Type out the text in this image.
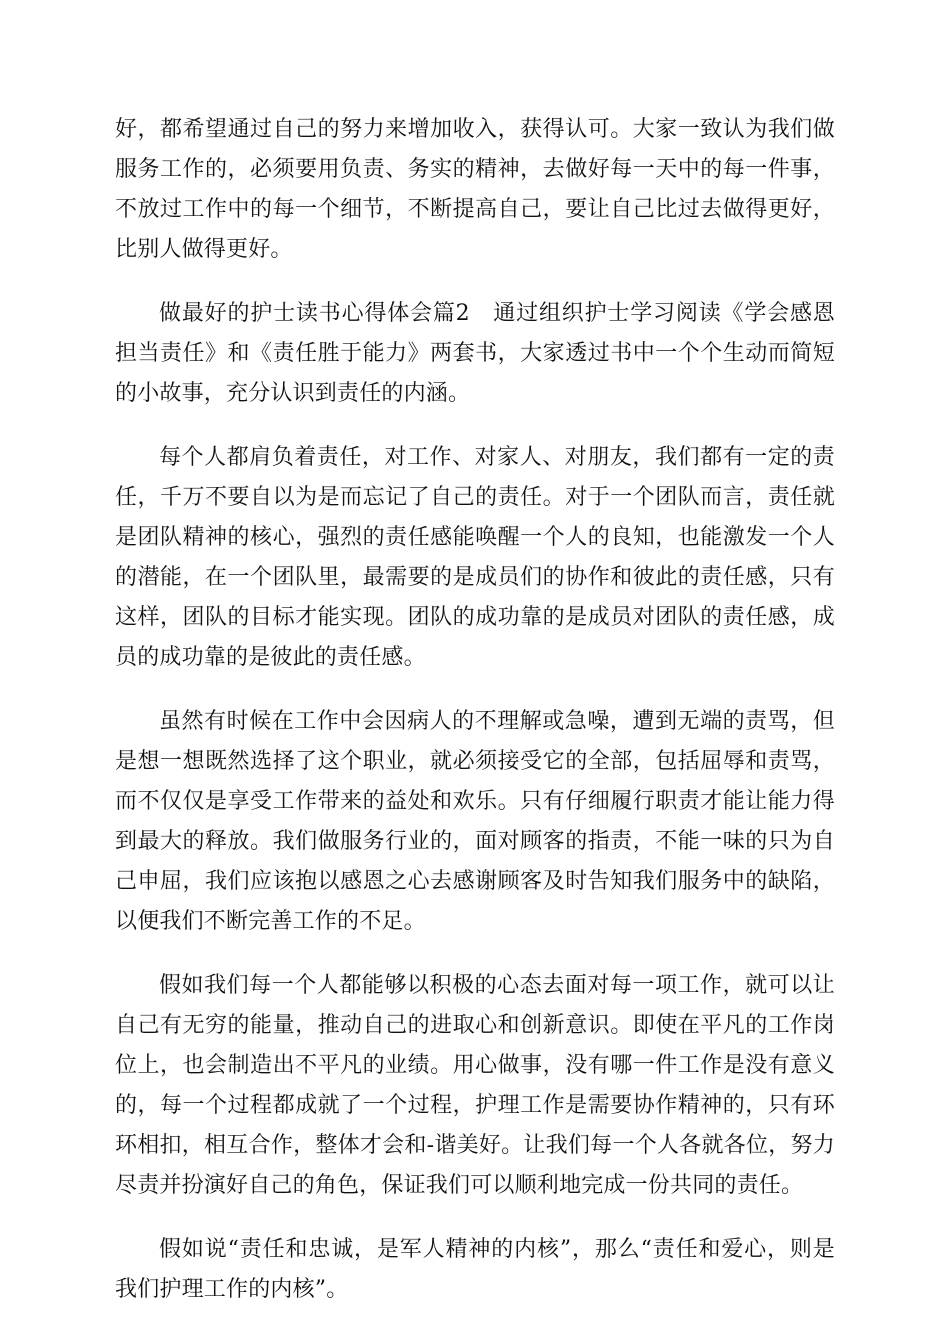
好，都希望通过自己的努力来增加收入，获得认可。大家一致认为我们做服务工作的，必须要用负责、务实的精神，去做好每一天中的每一件事，不放过工作中的每一个细节，不断提高自己，要让自己比过去做得更好，比别人做得更好。

做最好的护士读书心得体会篇2　通过组织护士学习阅读《学会感恩担当责任》和《责任胜于能力》两套书，大家透过书中一个个生动而简短的小故事，充分认识到责任的内涵。

每个人都肩负着责任，对工作、对家人、对朋友，我们都有一定的责任，千万不要自以为是而忘记了自己的责任。对于一个团队而言，责任就是团队精神的核心，强烈的责任感能唤醒一个人的良知，也能激发一个人的潜能，在一个团队里，最需要的是成员们的协作和彼此的责任感，只有这样，团队的目标才能实现。团队的成功靠的是成员对团队的责任感，成员的成功靠的是彼此的责任感。

虽然有时候在工作中会因病人的不理解或急噪，遭到无端的责骂，但是想一想既然选择了这个职业，就必须接受它的全部，包括屈辱和责骂，而不仅仅是享受工作带来的益处和欢乐。只有仔细履行职责才能让能力得到最大的释放。我们做服务行业的，面对顾客的指责，不能一味的只为自己申屈，我们应该抱以感恩之心去感谢顾客及时告知我们服务中的缺陷，以便我们不断完善工作的不足。

假如我们每一个人都能够以积极的心态去面对每一项工作，就可以让自己有无穷的能量，推动自己的进取心和创新意识。即使在平凡的工作岗位上，也会制造出不平凡的业绩。用心做事，没有哪一件工作是没有意义的，每一个过程都成就了一个过程，护理工作是需要协作精神的，只有环环相扣，相互合作，整体才会和-谐美好。让我们每一个人各就各位，努力尽责并扮演好自己的角色，保证我们可以顺利地完成一份共同的责任。

假如说“责任和忠诚，是军人精神的内核”，那么“责任和爱心，则是我们护理工作的内核”。
